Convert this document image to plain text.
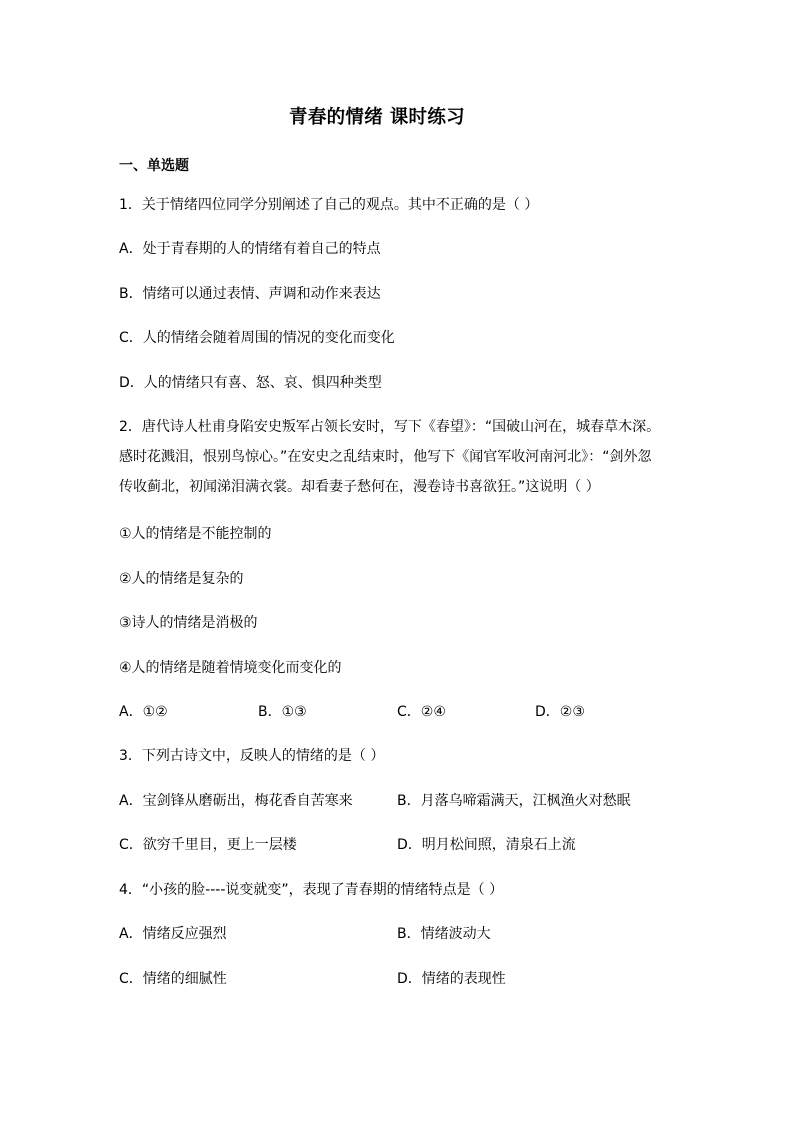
青春的情绪 课时练习
一、单选题
1．关于情绪四位同学分别阐述了自己的观点。其中不正确的是（ ）
A．处于青春期的人的情绪有着自己的特点
B．情绪可以通过表情、声调和动作来表达
C．人的情绪会随着周围的情况的变化而变化
D．人的情绪只有喜、怒、哀、惧四种类型
2．唐代诗人杜甫身陷安史叛军占领长安时，写下《春望》：“国破山河在，城春草木深。
感时花溅泪，恨别鸟惊心。”在安史之乱结束时，他写下《闻官军收河南河北》：“剑外忽
传收蓟北，初闻涕泪满衣裳。却看妻子愁何在，漫卷诗书喜欲狂。”这说明（ ）
①人的情绪是不能控制的
②人的情绪是复杂的
③诗人的情绪是消极的
④人的情绪是随着情境变化而变化的
A．①②	B．①③	C．②④	D．②③
3．下列古诗文中，反映人的情绪的是（ ）
A．宝剑锋从磨砺出，梅花香自苦寒来	B．月落乌啼霜满天，江枫渔火对愁眠
C．欲穷千里目，更上一层楼	D．明月松间照，清泉石上流
4．“小孩的脸----说变就变”，表现了青春期的情绪特点是（ ）
A．情绪反应强烈	B．情绪波动大
C．情绪的细腻性	D．情绪的表现性
